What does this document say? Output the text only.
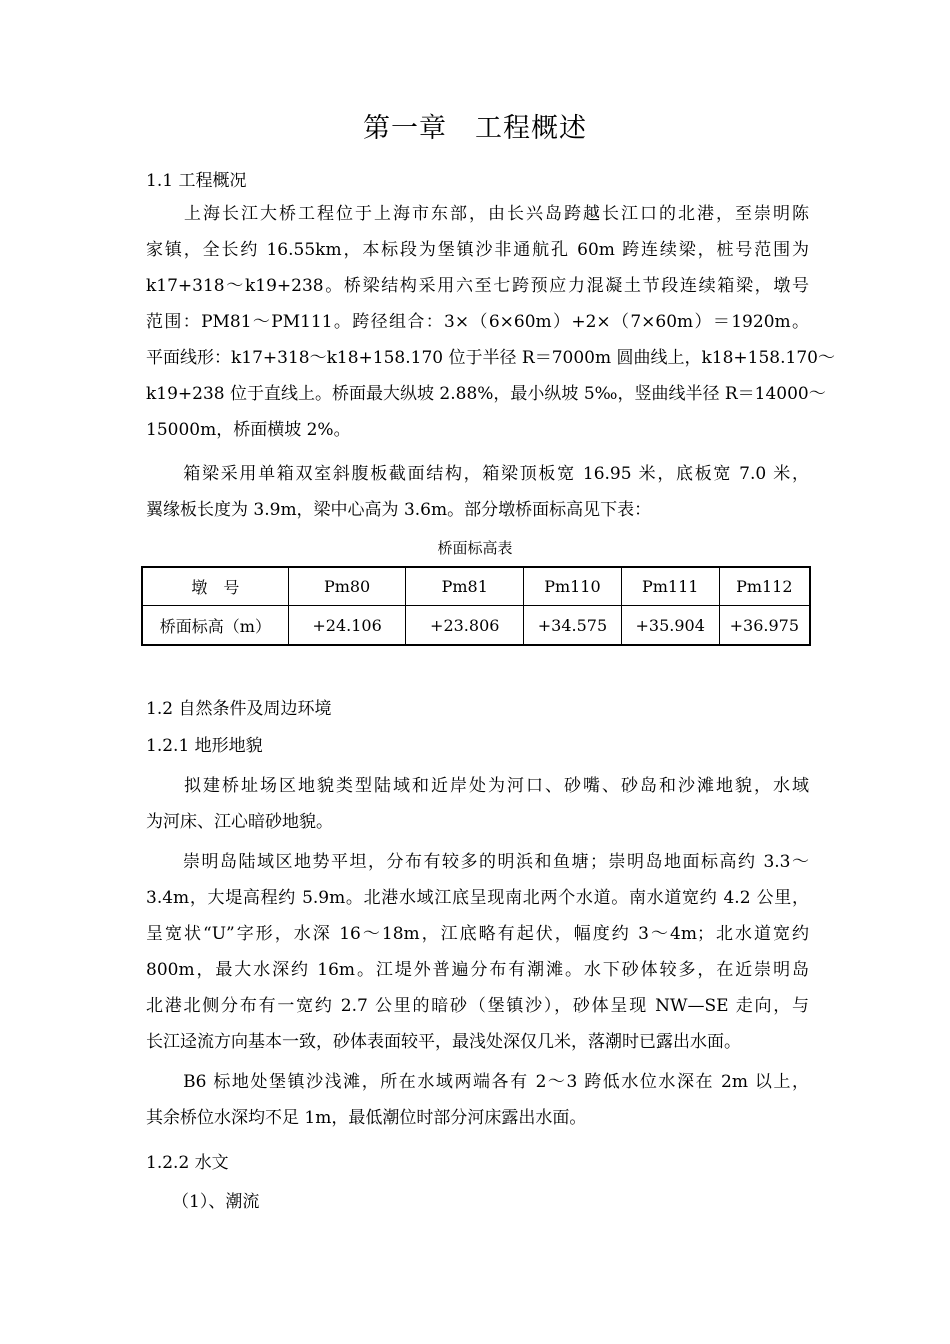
第一章　工程概述
1.1 工程概况
　　上海长江大桥工程位于上海市东部，由长兴岛跨越长江口的北港，至崇明陈
家镇，全长约 16.55km，本标段为堡镇沙非通航孔 60m 跨连续梁，桩号范围为
k17+318～k19+238。桥梁结构采用六至七跨预应力混凝土节段连续箱梁，墩号
范围：PM81～PM111。跨径组合：3×（6×60m）+2×（7×60m）＝1920m。
平面线形：k17+318～k18+158.170 位于半径 R＝7000m 圆曲线上，k18+158.170～
k19+238 位于直线上。桥面最大纵坡 2.88%，最小纵坡 5‰，竖曲线半径 R＝14000～
15000m，桥面横坡 2%。
　　箱梁采用单箱双室斜腹板截面结构，箱梁顶板宽 16.95 米，底板宽 7.0 米，
翼缘板长度为 3.9m，梁中心高为 3.6m。部分墩桥面标高见下表：
桥面标高表
墩　号	Pm80	Pm81	Pm110	Pm111	Pm112
桥面标高（m）	+24.106	+23.806	+34.575	+35.904	+36.975
1.2 自然条件及周边环境
1.2.1 地形地貌
　　拟建桥址场区地貌类型陆域和近岸处为河口、砂嘴、砂岛和沙滩地貌，水域
为河床、江心暗砂地貌。
　　崇明岛陆域区地势平坦，分布有较多的明浜和鱼塘；崇明岛地面标高约 3.3～
3.4m，大堤高程约 5.9m。北港水域江底呈现南北两个水道。南水道宽约 4.2 公里，
呈宽状“U”字形，水深 16～18m，江底略有起伏，幅度约 3～4m；北水道宽约
800m，最大水深约 16m。江堤外普遍分布有潮滩。水下砂体较多，在近崇明岛
北港北侧分布有一宽约 2.7 公里的暗砂（堡镇沙），砂体呈现 NW—SE 走向，与
长江迳流方向基本一致，砂体表面较平，最浅处深仅几米，落潮时已露出水面。
　　B6 标地处堡镇沙浅滩，所在水域两端各有 2～3 跨低水位水深在 2m 以上，
其余桥位水深均不足 1m，最低潮位时部分河床露出水面。
1.2.2 水文
（1）、潮流
